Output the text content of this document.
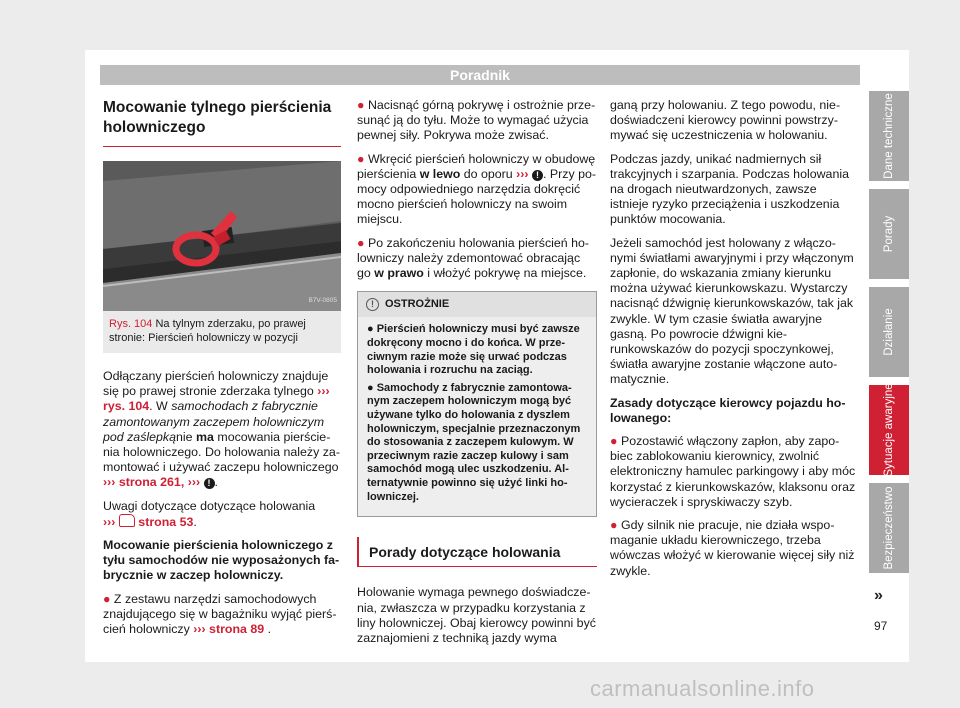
Poradnik
Mocowanie tylnego pierścienia holowniczego
B7V-0805
Rys. 104 Na tylnym zderzaku, po prawej stronie: Pierścień holowniczy w pozycji

Odłączany pierścień holowniczy znajduje się po prawej stronie zderzaka tylnego ››› rys. 104. W samochodach z fabrycznie zamontowanym zaczepem holowniczym pod zaślepkąnie ma mocowania pierścienia holowniczego. Do holowania należy zamontować i używać zaczepu holowniczego ››› strona 261, ››› ! .

Uwagi dotyczące dotyczące holowania
››› strona 53.

Mocowanie pierścienia holowniczego z tyłu samochodów nie wyposażonych fabrycznie w zaczep holowniczy.

● Z zestawu narzędzi samochodowych znajdującego się w bagażniku wyjąć pierścień holowniczy ››› strona 89 .

● Nacisnąć górną pokrywę i ostrożnie przesunąć ją do tyłu. Może to wymagać użycia pewnej siły. Pokrywa może zwisać.

● Wkręcić pierścień holowniczy w obudowę pierścienia w lewo do oporu ››› ! . Przy pomocy odpowiedniego narzędzia dokręcić mocno pierścień holowniczy na swoim miejscu.

● Po zakończeniu holowania pierścień holowniczy należy zdemontować obracając go w prawo i włożyć pokrywę na miejsce.

! OSTROŻNIE

● Pierścień holowniczy musi być zawsze dokręcony mocno i do końca. W przeciwnym razie może się urwać podczas holowania i rozruchu na zaciąg.

● Samochody z fabrycznie zamontowanym zaczepem holowniczym mogą być używane tylko do holowania z dyszlem holowniczym, specjalnie przeznaczonym do stosowania z zaczepem kulowym. W przeciwnym razie zaczep kulowy i sam samochód mogą ulec uszkodzeniu. Alternatywnie powinno się użyć linki holowniczej.

Porady dotyczące holowania

Holowanie wymaga pewnego doświadczenia, zwłaszcza w przypadku korzystania z liny holowniczej. Obaj kierowcy powinni być zaznajomieni z techniką jazdy wyma

ganą przy holowaniu. Z tego powodu, niedoświadczeni kierowcy powinni powstrzymywać się uczestniczenia w holowaniu.

Podczas jazdy, unikać nadmiernych sił trakcyjnych i szarpania. Podczas holowania na drogach nieutwardzonych, zawsze istnieje ryzyko przeciążenia i uszkodzenia punktów mocowania.

Jeżeli samochód jest holowany z włączonymi światłami awaryjnymi i przy włączonym zapłonie, do wskazania zmiany kierunku można używać kierunkowskazu. Wystarczy nacisnąć dźwignię kierunkowskazów, tak jak zwykle. W tym czasie światła awaryjne gasną. Po powrocie dźwigni kierunkowskazów do pozycji spoczynkowej, światła awaryjne zostanie włączone automatycznie.

Zasady dotyczące kierowcy pojazdu holowanego:

● Pozostawić włączony zapłon, aby zapobiec zablokowaniu kierownicy, zwolnić elektroniczny hamulec parkingowy i aby móc korzystać z kierunkowskazów, klaksonu oraz wycieraczek i spryskiwaczy szyb.

● Gdy silnik nie pracuje, nie działa wspomaganie układu kierowniczego, trzeba wówczas włożyć w kierowanie więcej siły niż zwykle.

Dane techniczne
Porady
Działanie
Sytuacje awaryjne
Bezpieczeństwo
»
97
carmanualsonline.info
